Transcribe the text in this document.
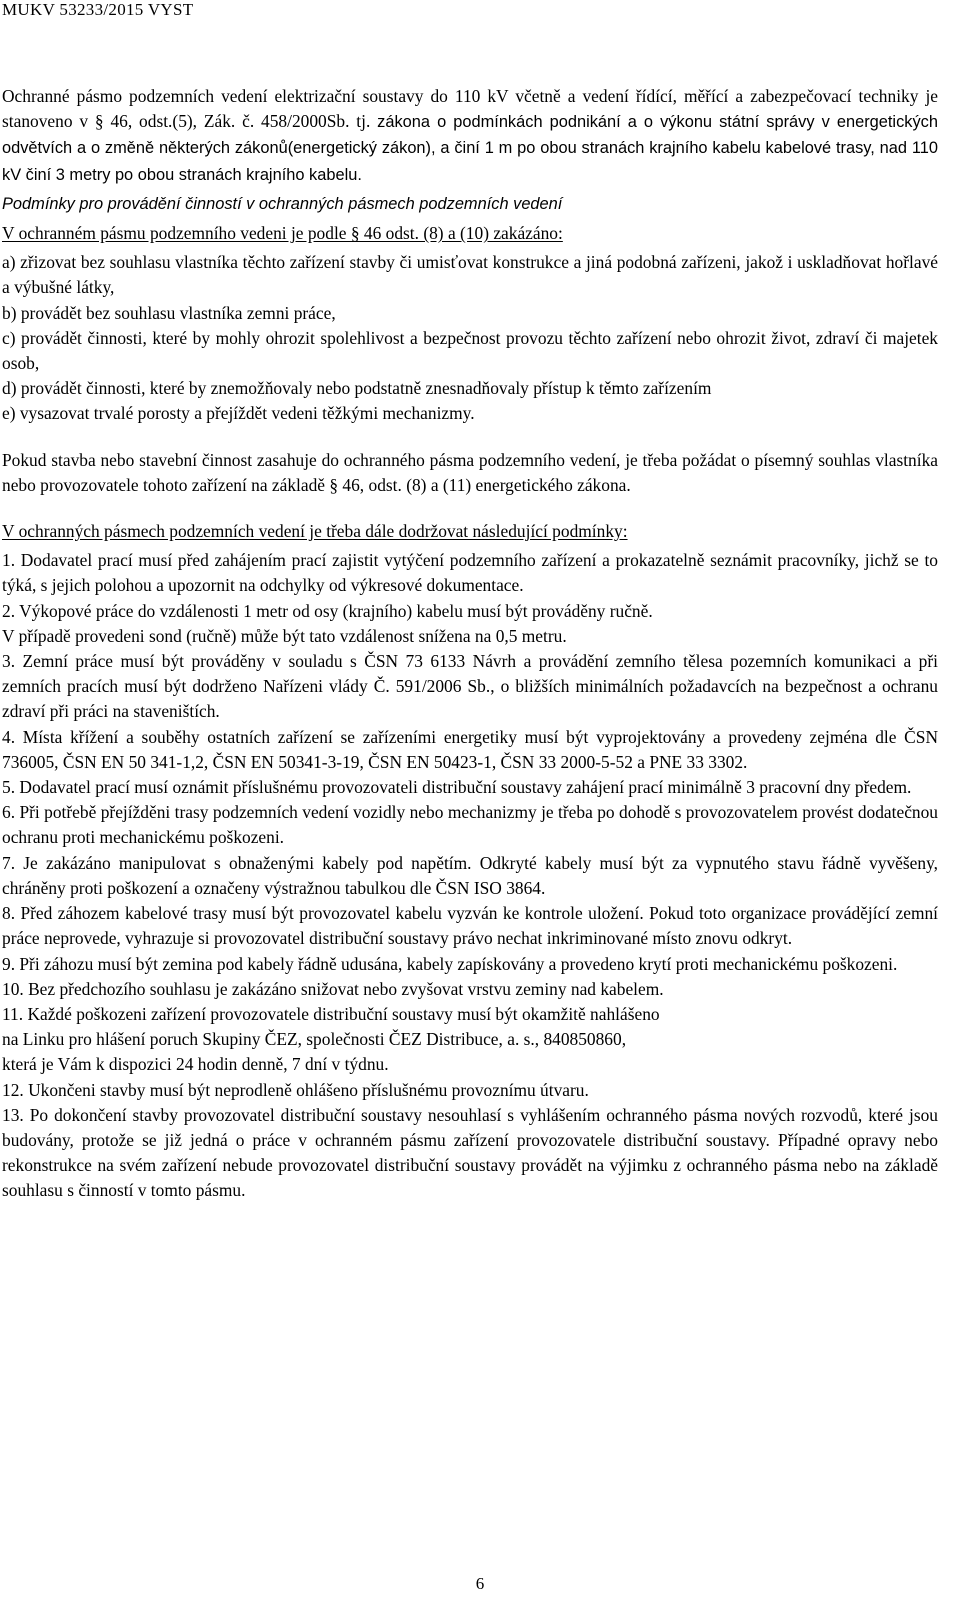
MUKV 53233/2015 VYST

Ochranné pásmo podzemních vedení elektrizační soustavy do 110 kV včetně a vedení řídící, měřící a zabezpečovací techniky je stanoveno v § 46, odst.(5), Zák. č. 458/2000Sb. tj. zákona o podmínkách podnikání a o výkonu státní správy v energetických odvětvích a o změně některých zákonů(energetický zákon), a činí 1 m po obou stranách krajního kabelu kabelové trasy, nad 110 kV činí 3 metry po obou stranách krajního kabelu.

Podmínky pro provádění činností v ochranných pásmech podzemních vedení

V ochranném pásmu podzemního vedeni je podle § 46 odst. (8) a (10) zakázáno:

a) zřizovat bez souhlasu vlastníka těchto zařízení stavby či umisťovat konstrukce a jiná podobná zařízeni, jakož i uskladňovat hořlavé a výbušné látky,

b) provádět bez souhlasu vlastníka zemni práce,

c) provádět činnosti, které by mohly ohrozit spolehlivost a bezpečnost provozu těchto zařízení nebo ohrozit život, zdraví či majetek osob,

d) provádět činnosti, které by znemožňovaly nebo podstatně znesnadňovaly přístup k těmto zařízením

e) vysazovat trvalé porosty a přejíždět vedeni těžkými mechanizmy.

Pokud stavba nebo stavební činnost zasahuje do ochranného pásma podzemního vedení, je třeba požádat o písemný souhlas vlastníka nebo provozovatele tohoto zařízení na základě § 46, odst. (8) a (11) energetického zákona.

V ochranných pásmech podzemních vedení je třeba dále dodržovat následující podmínky:

1. Dodavatel prací musí před zahájením prací zajistit vytýčení podzemního zařízení a prokazatelně seznámit pracovníky, jichž se to týká, s jejich polohou a upozornit na odchylky od výkresové dokumentace.

2. Výkopové práce do vzdálenosti 1 metr od osy (krajního) kabelu musí být prováděny ručně.

V případě provedeni sond (ručně) může být tato vzdálenost snížena na 0,5 metru.

3. Zemní práce musí být prováděny v souladu s ČSN 73 6133 Návrh a provádění zemního tělesa pozemních komunikaci a při zemních pracích musí být dodrženo Nařízeni vlády Č. 591/2006 Sb., o bližších minimálních požadavcích na bezpečnost a ochranu zdraví při práci na staveništích.

4. Místa křížení a souběhy ostatních zařízení se zařízeními energetiky musí být vyprojektovány a provedeny zejména dle ČSN 736005, ČSN EN 50 341-1,2, ČSN EN 50341-3-19, ČSN EN 50423-1, ČSN 33 2000-5-52 a PNE 33 3302.

5. Dodavatel prací musí oznámit příslušnému provozovateli distribuční soustavy zahájení prací minimálně 3 pracovní dny předem.

6. Při potřebě přejížděni trasy podzemních vedení vozidly nebo mechanizmy je třeba po dohodě s provozovatelem provést dodatečnou ochranu proti mechanickému poškozeni.

7. Je zakázáno manipulovat s obnaženými kabely pod napětím. Odkryté kabely musí být za vypnutého stavu řádně vyvěšeny, chráněny proti poškození a označeny výstražnou tabulkou dle ČSN ISO 3864.

8. Před záhozem kabelové trasy musí být provozovatel kabelu vyzván ke kontrole uložení. Pokud toto organizace provádějící zemní práce neprovede, vyhrazuje si provozovatel distribuční soustavy právo nechat inkriminované místo znovu odkryt.

9. Při záhozu musí být zemina pod kabely řádně udusána, kabely zapískovány a provedeno krytí proti mechanickému poškozeni.

10. Bez předchozího souhlasu je zakázáno snižovat nebo zvyšovat vrstvu zeminy nad kabelem.

11. Každé poškozeni zařízení provozovatele distribuční soustavy musí být okamžitě nahlášeno

na Linku pro hlášení poruch Skupiny ČEZ, společnosti ČEZ Distribuce, a. s., 840850860,

která je Vám k dispozici 24 hodin denně, 7 dní v týdnu.

12. Ukončeni stavby musí být neprodleně ohlášeno příslušnému provoznímu útvaru.

13. Po dokončení stavby provozovatel distribuční soustavy nesouhlasí s vyhlášením ochranného pásma nových rozvodů, které jsou budovány, protože se již jedná o práce v ochranném pásmu zařízení provozovatele distribuční soustavy. Případné opravy nebo rekonstrukce na svém zařízení nebude provozovatel distribuční soustavy provádět na výjimku z ochranného pásma nebo na základě souhlasu s činností v tomto pásmu.

6
